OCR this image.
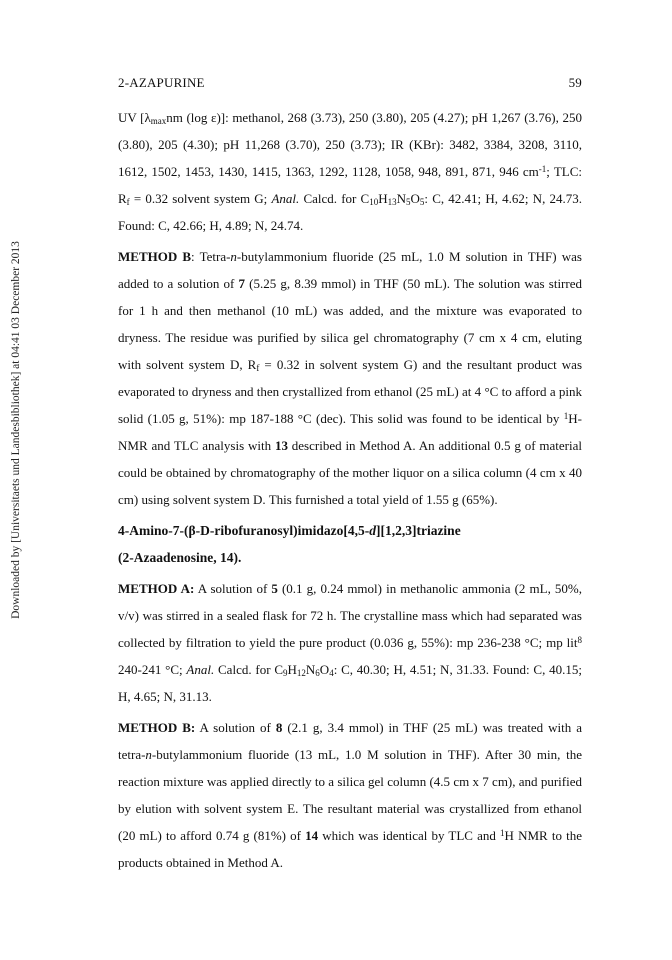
Downloaded by [Universitaets und Landesbibliothek] at 04:41 03 December 2013
2-AZAPURINE	59

UV [$\lambda_{max}nm$ (log ε)]: methanol, 268 (3.73), 250 (3.80), 205 (4.27); pH 1,267 (3.76), 250 (3.80), 205 (4.30); pH 11,268 (3.70), 250 (3.73); IR (KBr): 3482, 3384, 3208, 3110, 1612, 1502, 1453, 1430, 1415, 1363, 1292, 1128, 1058, 948, 891, 871, 946 $cm^{-1}$; TLC: $R_f = 0.32$ solvent system G; Anal. Calcd. for $C_{10}H_{13}N_5O_5$: C, 42.41; H, 4.62; N, 24.73. Found: C, 42.66; H, 4.89; N, 24.74.

METHOD B: Tetra-n-butylammonium fluoride (25 mL, 1.0 M solution in THF) was added to a solution of 7 (5.25 g, 8.39 mmol) in THF (50 mL). The solution was stirred for 1 h and then methanol (10 mL) was added, and the mixture was evaporated to dryness. The residue was purified by silica gel chromatography (7 cm x 4 cm, eluting with solvent system D, $R_f = 0.32$ in solvent system G) and the resultant product was evaporated to dryness and then crystallized from ethanol (25 mL) at 4 °C to afford a pink solid (1.05 g, 51%): mp 187-188 °C (dec). This solid was found to be identical by $^1$H-NMR and TLC analysis with 13 described in Method A. An additional 0.5 g of material could be obtained by chromatography of the mother liquor on a silica column (4 cm x 40 cm) using solvent system D. This furnished a total yield of 1.55 g (65%).

4-Amino-7-(β-D-ribofuranosyl)imidazo[4,5-d][1,2,3]triazine
(2-Azaadenosine, 14).

METHOD A: A solution of 5 (0.1 g, 0.24 mmol) in methanolic ammonia (2 mL, 50%, v/v) was stirred in a sealed flask for 72 h. The crystalline mass which had separated was collected by filtration to yield the pure product (0.036 g, 55%): mp 236-238 °C; mp lit$^8$ 240-241 °C; Anal. Calcd. for $C_9H_{12}N_6O_4$: C, 40.30; H, 4.51; N, 31.33. Found: C, 40.15; H, 4.65; N, 31.13.

METHOD B: A solution of 8 (2.1 g, 3.4 mmol) in THF (25 mL) was treated with a tetra-n-butylammonium fluoride (13 mL, 1.0 M solution in THF). After 30 min, the reaction mixture was applied directly to a silica gel column (4.5 cm x 7 cm), and purified by elution with solvent system E. The resultant material was crystallized from ethanol (20 mL) to afford 0.74 g (81%) of 14 which was identical by TLC and $^1$H NMR to the products obtained in Method A.
